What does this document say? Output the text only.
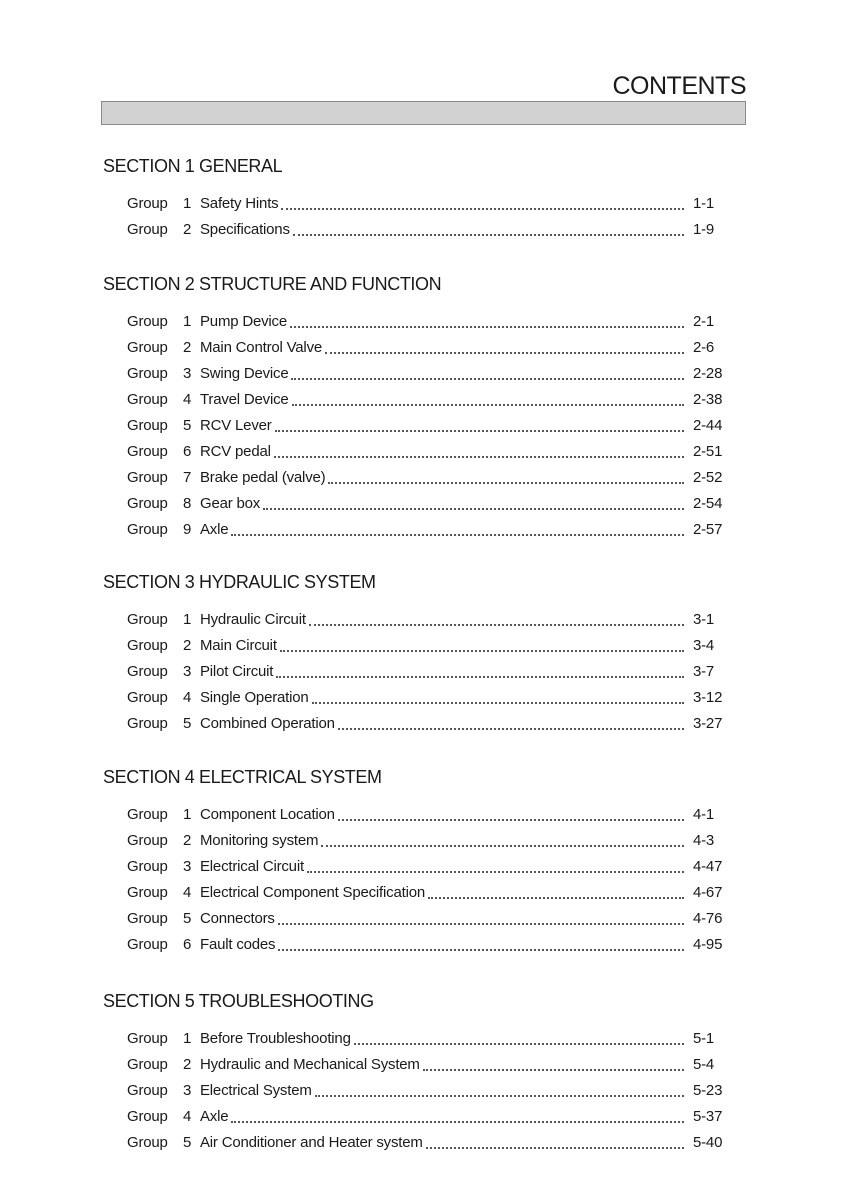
CONTENTS
SECTION 1 GENERAL
Group	1 Safety Hints	1-1
Group	2 Specifications	1-9
SECTION 2 STRUCTURE AND FUNCTION
Group	1 Pump Device	2-1
Group	2 Main Control Valve	2-6
Group	3 Swing Device	2-28
Group	4 Travel Device	2-38
Group	5 RCV Lever	2-44
Group	6 RCV pedal	2-51
Group	7 Brake pedal (valve)	2-52
Group	8 Gear box	2-54
Group	9 Axle	2-57
SECTION 3 HYDRAULIC SYSTEM
Group	1 Hydraulic Circuit	3-1
Group	2 Main Circuit	3-4
Group	3 Pilot Circuit	3-7
Group	4 Single Operation	3-12
Group	5 Combined Operation	3-27
SECTION 4 ELECTRICAL SYSTEM
Group	1 Component Location	4-1
Group	2 Monitoring system	4-3
Group	3 Electrical Circuit	4-47
Group	4 Electrical Component Specification	4-67
Group	5 Connectors	4-76
Group	6 Fault codes	4-95
SECTION 5 TROUBLESHOOTING
Group	1 Before Troubleshooting	5-1
Group	2 Hydraulic and Mechanical System	5-4
Group	3 Electrical System	5-23
Group	4 Axle	5-37
Group	5 Air Conditioner and Heater system	5-40
